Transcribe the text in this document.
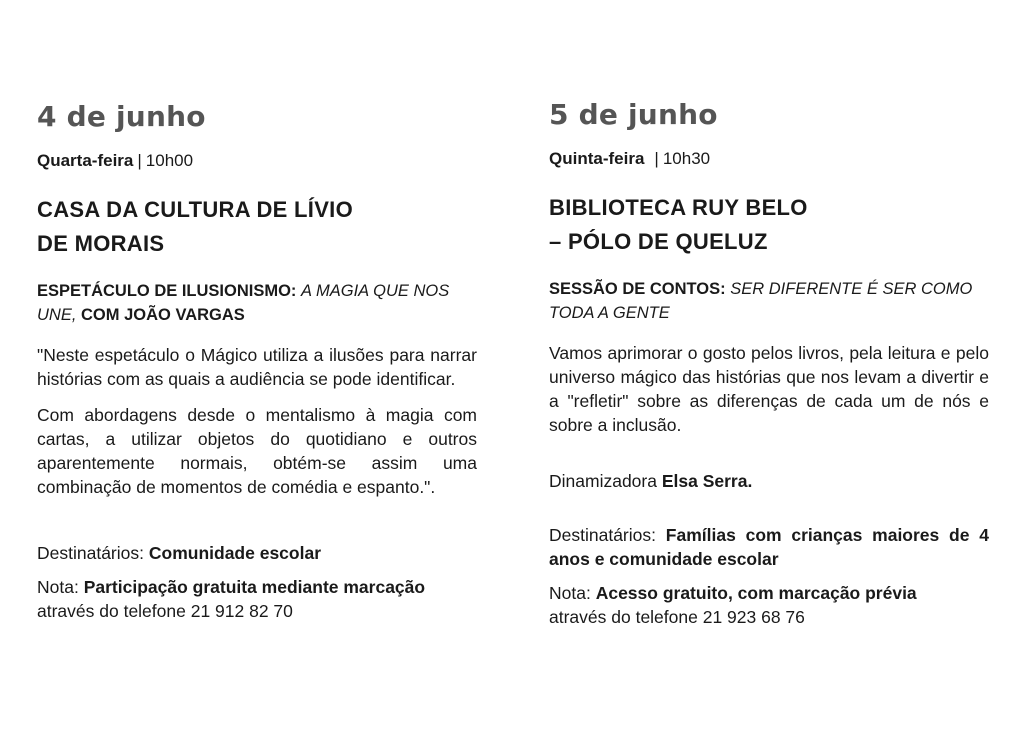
4 de junho
Quarta-feira | 10h00
CASA DA CULTURA DE LÍVIO
DE MORAIS
ESPETÁCULO DE ILUSIONISMO: A MAGIA QUE NOS UNE, COM JOÃO VARGAS

"Neste espetáculo o Mágico utiliza a ilusões para narrar histórias com as quais a audiência se pode identificar.

Com abordagens desde o mentalismo à magia com cartas, a utilizar objetos do quotidiano e outros aparentemente normais, obtém-se assim uma combinação de momentos de comédia e espanto.".

Destinatários: Comunidade escolar
Nota: Participação gratuita mediante marcação
através do telefone 21 912 82 70
5 de junho
Quinta-feira | 10h30
BIBLIOTECA RUY BELO
– PÓLO DE QUELUZ
SESSÃO DE CONTOS: SER DIFERENTE É SER COMO TODA A GENTE

Vamos aprimorar o gosto pelos livros, pela leitura e pelo universo mágico das histórias que nos levam a divertir e a "refletir" sobre as diferenças de cada um de nós e sobre a inclusão.

Dinamizadora Elsa Serra.
Destinatários: Famílias com crianças maiores de 4 anos e comunidade escolar
Nota: Acesso gratuito, com marcação prévia
através do telefone 21 923 68 76
